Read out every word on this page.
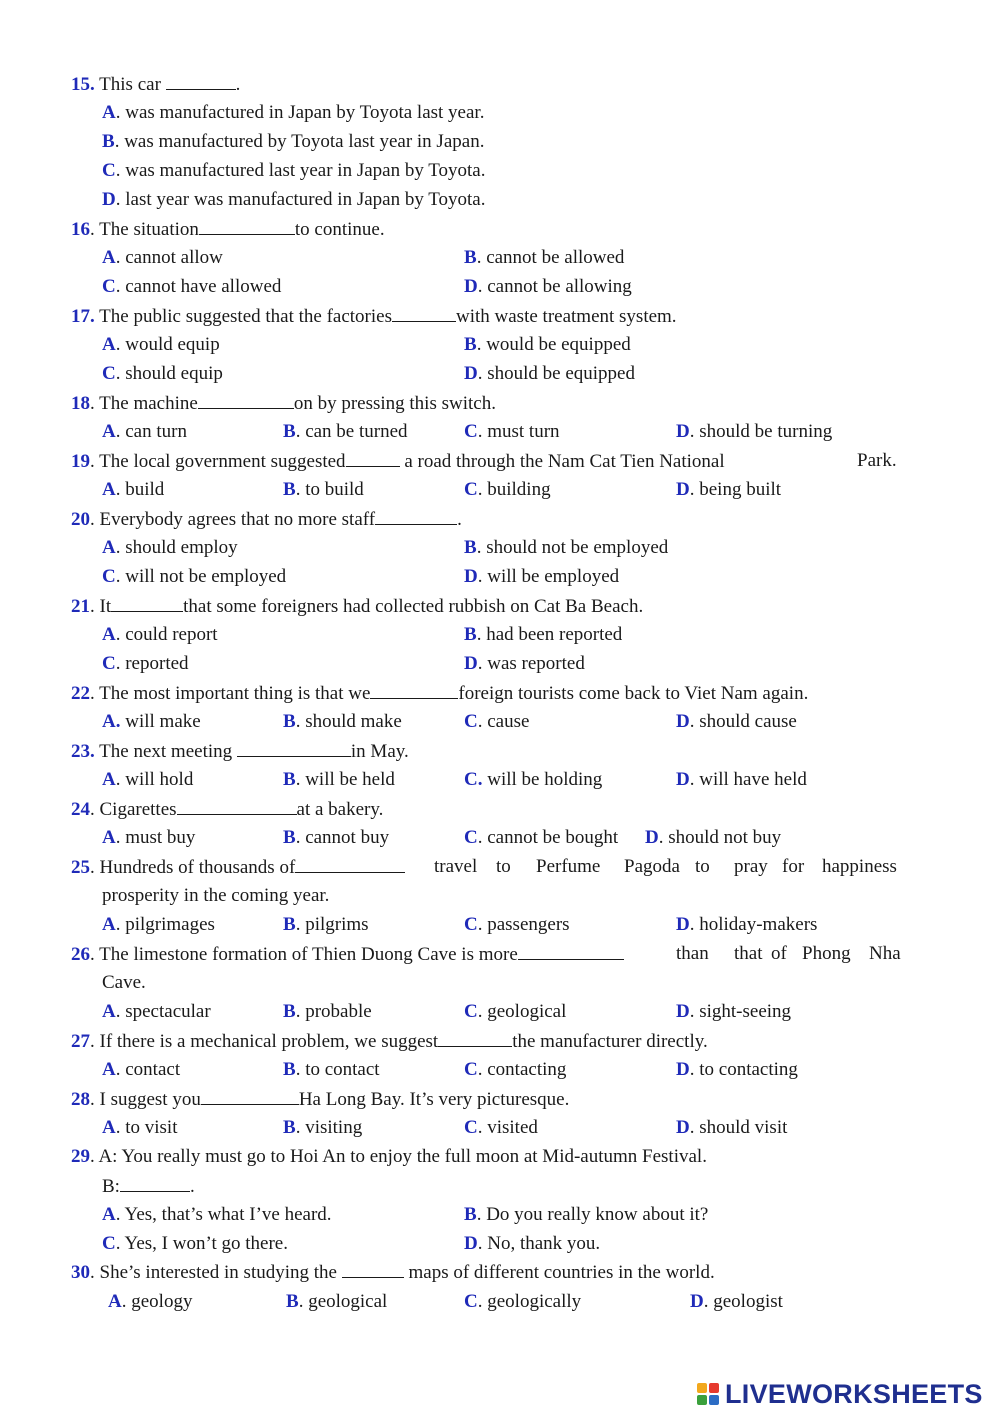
15. This car	.
A. was manufactured in Japan by Toyota last year.
B. was manufactured by Toyota last year in Japan.
C. was manufactured last year in Japan by Toyota.
D. last year was manufactured in Japan by Toyota.
16. The situation	to continue.
A. cannot allow	B. cannot be allowed
C. cannot have allowed	D. cannot be allowing
17. The public suggested that the factories	with waste treatment system.
A. would equip	B. would be equipped
C. should equip	D. should be equipped
18. The machine	on by pressing this switch.
A. can turn	B. can be turned	C. must turn	D. should be turning
19. The local government suggested	a road through the Nam Cat Tien National	Park.
A. build	B. to build	C. building	D. being built
20. Everybody agrees that no more staff	.
A. should employ	B. should not be employed
C. will not be employed	D. will be employed
21. It	that some foreigners had collected rubbish on Cat Ba Beach.
A. could report	B. had been reported
C. reported	D. was reported
22. The most important thing is that we	foreign tourists come back to Viet Nam again.
A. will make	B. should make	C. cause	D. should cause
23. The next meeting	in May.
A. will hold	B. will be held	C. will be holding	D. will have held
24. Cigarettes	at a bakery.
A. must buy	B. cannot buy	C. cannot be bought D. should not buy
25. Hundreds of thousands of	travel to Perfume Pagoda to pray for happiness
prosperity in the coming year.
A. pilgrimages	B. pilgrims	C. passengers	D. holiday-makers
26. The limestone formation of Thien Duong Cave is more	than that of Phong Nha
Cave.
A. spectacular	B. probable	C. geological	D. sight-seeing
27. If there is a mechanical problem, we suggest	the manufacturer directly.
A. contact	B. to contact	C. contacting	D. to contacting
28. I suggest you	Ha Long Bay. It’s very picturesque.
A. to visit	B. visiting	C. visited	D. should visit
29. A: You really must go to Hoi An to enjoy the full moon at Mid-autumn Festival.
B:	.
A. Yes, that’s what I’ve heard.	B. Do you really know about it?
C. Yes, I won’t go there.	D. No, thank you.
30. She’s interested in studying the	maps of different countries in the world.
A. geology	B. geological	C. geologically	D. geologist
LIVEWORKSHEETS
